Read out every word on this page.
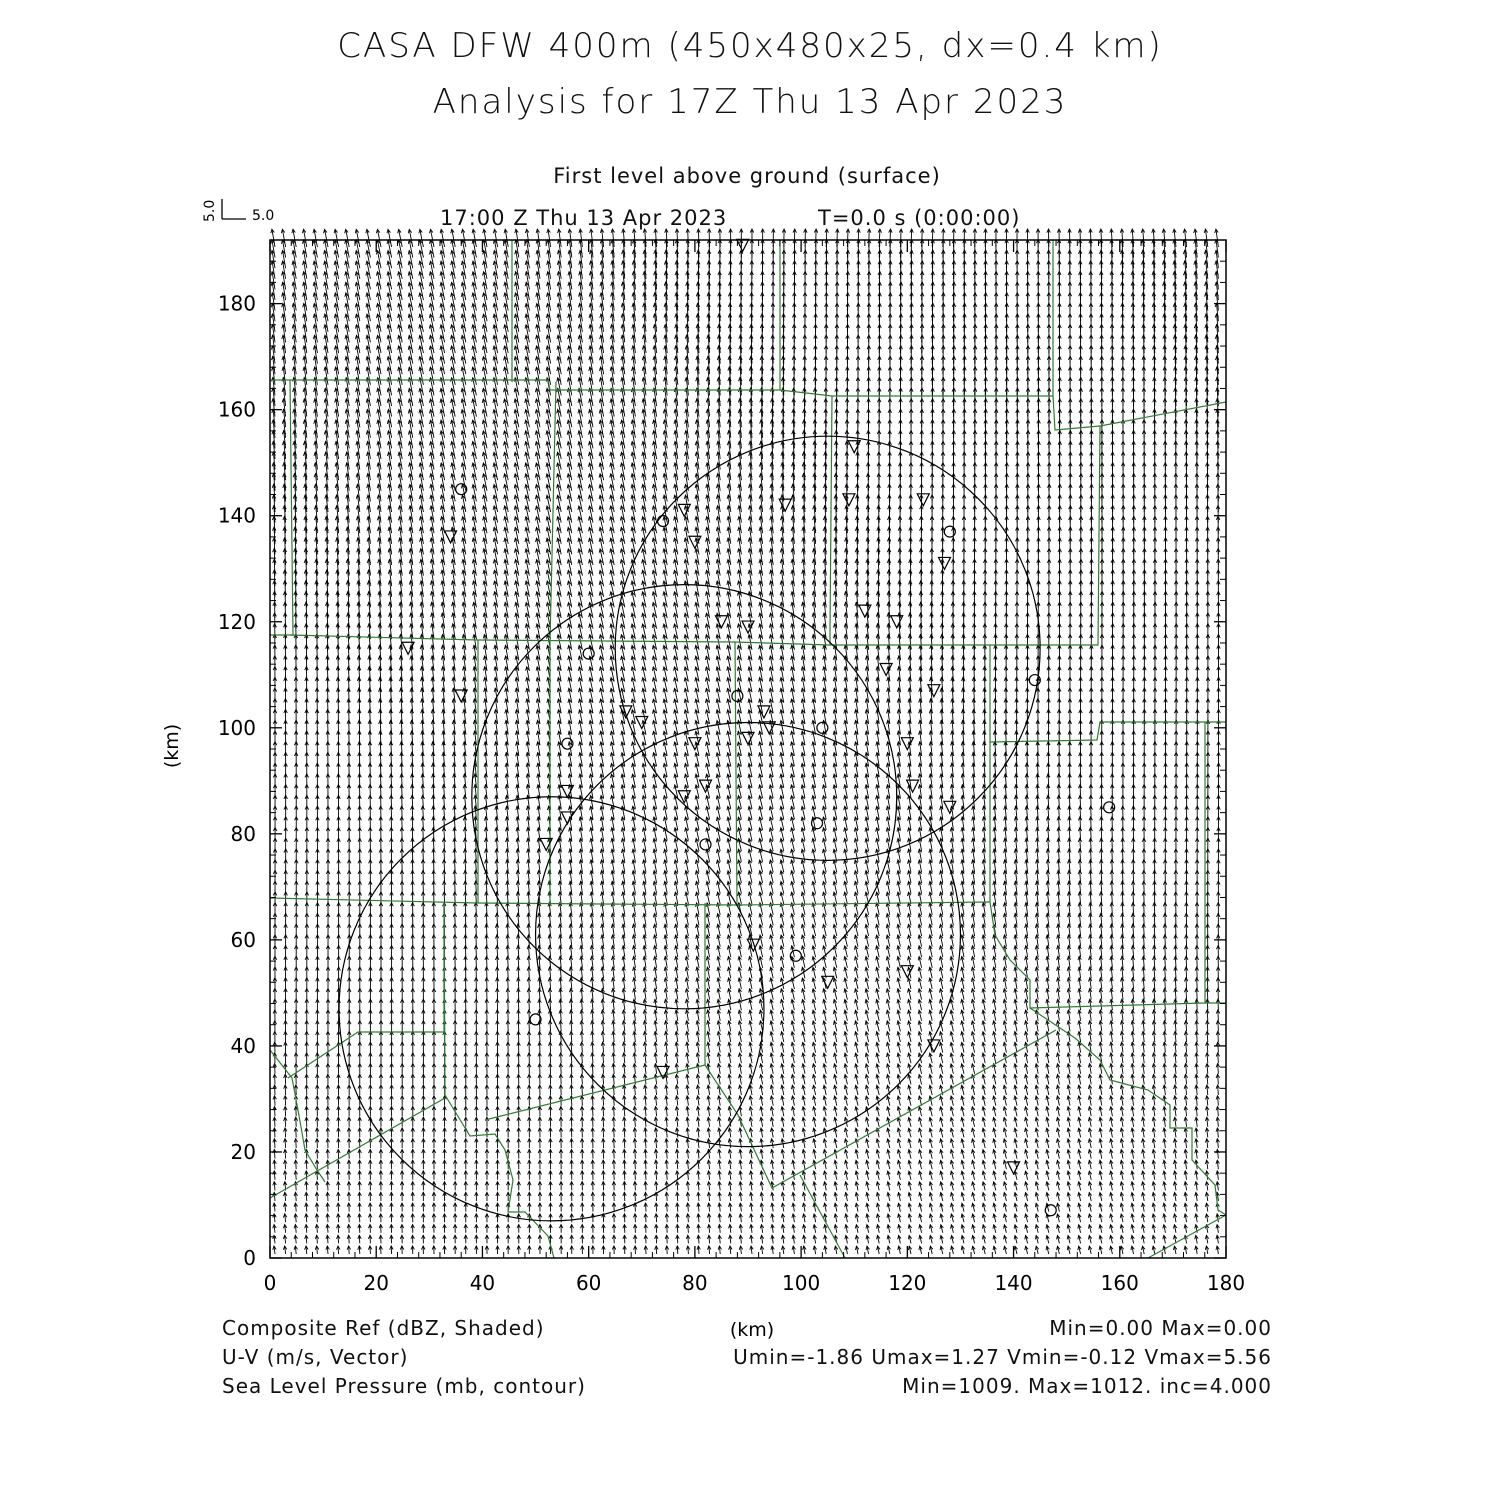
CASA DFW 400m (450x480x25, dx=0.4 km)
Analysis for 17Z Thu 13 Apr 2023
First level above ground (surface)
17:00 Z Thu 13 Apr 2023	T=0.0 s (0:00:00)
0	20	40	60	80	100	120	140	160	180
0
20
40
60
80
100
120
140
160
180
5.0
5.0
(km)
(km)
Composite Ref (dBZ, Shaded)	Min=0.00 Max=0.00
U-V (m/s, Vector)	Umin=-1.86 Umax=1.27 Vmin=-0.12 Vmax=5.56
Sea Level Pressure (mb, contour)	Min=1009. Max=1012. inc=4.000
